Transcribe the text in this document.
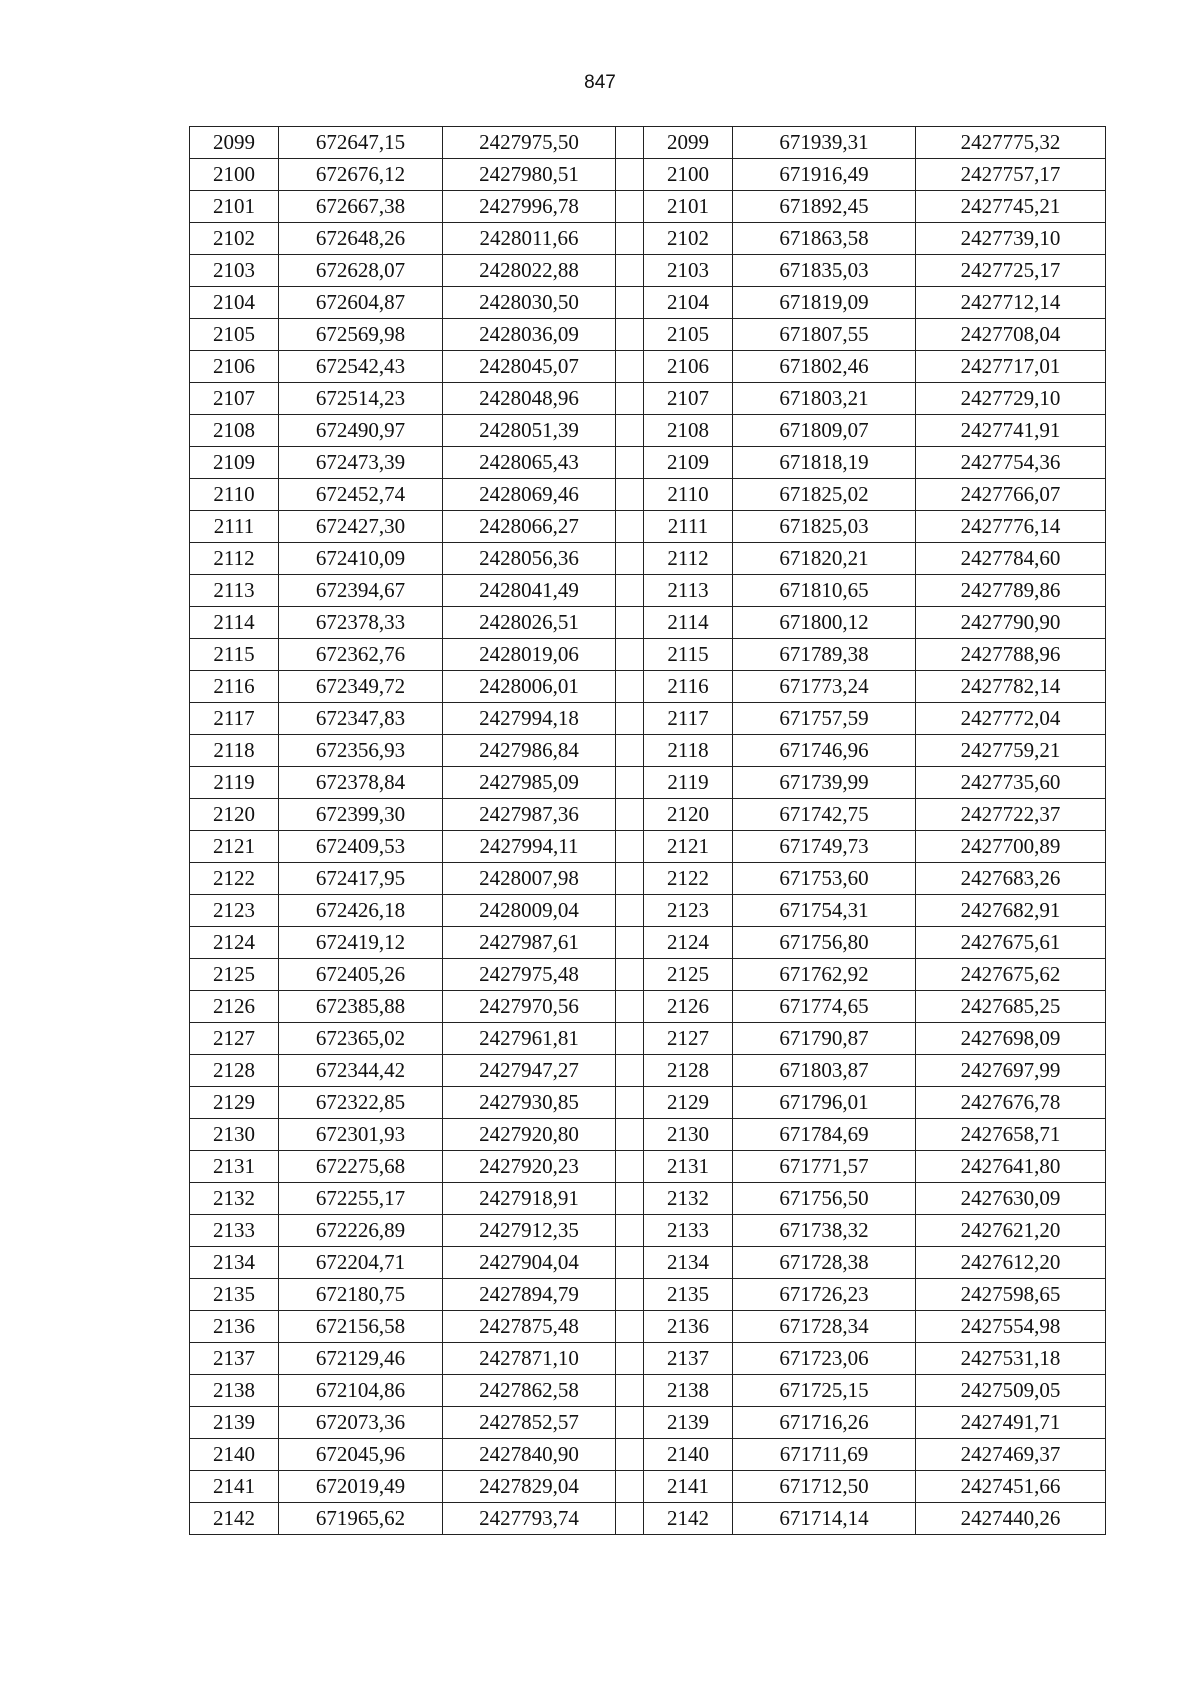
847
2099	672647,15	2427975,50		2099	671939,31	2427775,32
2100	672676,12	2427980,51		2100	671916,49	2427757,17
2101	672667,38	2427996,78		2101	671892,45	2427745,21
2102	672648,26	2428011,66		2102	671863,58	2427739,10
2103	672628,07	2428022,88		2103	671835,03	2427725,17
2104	672604,87	2428030,50		2104	671819,09	2427712,14
2105	672569,98	2428036,09		2105	671807,55	2427708,04
2106	672542,43	2428045,07		2106	671802,46	2427717,01
2107	672514,23	2428048,96		2107	671803,21	2427729,10
2108	672490,97	2428051,39		2108	671809,07	2427741,91
2109	672473,39	2428065,43		2109	671818,19	2427754,36
2110	672452,74	2428069,46		2110	671825,02	2427766,07
2111	672427,30	2428066,27		2111	671825,03	2427776,14
2112	672410,09	2428056,36		2112	671820,21	2427784,60
2113	672394,67	2428041,49		2113	671810,65	2427789,86
2114	672378,33	2428026,51		2114	671800,12	2427790,90
2115	672362,76	2428019,06		2115	671789,38	2427788,96
2116	672349,72	2428006,01		2116	671773,24	2427782,14
2117	672347,83	2427994,18		2117	671757,59	2427772,04
2118	672356,93	2427986,84		2118	671746,96	2427759,21
2119	672378,84	2427985,09		2119	671739,99	2427735,60
2120	672399,30	2427987,36		2120	671742,75	2427722,37
2121	672409,53	2427994,11		2121	671749,73	2427700,89
2122	672417,95	2428007,98		2122	671753,60	2427683,26
2123	672426,18	2428009,04		2123	671754,31	2427682,91
2124	672419,12	2427987,61		2124	671756,80	2427675,61
2125	672405,26	2427975,48		2125	671762,92	2427675,62
2126	672385,88	2427970,56		2126	671774,65	2427685,25
2127	672365,02	2427961,81		2127	671790,87	2427698,09
2128	672344,42	2427947,27		2128	671803,87	2427697,99
2129	672322,85	2427930,85		2129	671796,01	2427676,78
2130	672301,93	2427920,80		2130	671784,69	2427658,71
2131	672275,68	2427920,23		2131	671771,57	2427641,80
2132	672255,17	2427918,91		2132	671756,50	2427630,09
2133	672226,89	2427912,35		2133	671738,32	2427621,20
2134	672204,71	2427904,04		2134	671728,38	2427612,20
2135	672180,75	2427894,79		2135	671726,23	2427598,65
2136	672156,58	2427875,48		2136	671728,34	2427554,98
2137	672129,46	2427871,10		2137	671723,06	2427531,18
2138	672104,86	2427862,58		2138	671725,15	2427509,05
2139	672073,36	2427852,57		2139	671716,26	2427491,71
2140	672045,96	2427840,90		2140	671711,69	2427469,37
2141	672019,49	2427829,04		2141	671712,50	2427451,66
2142	671965,62	2427793,74		2142	671714,14	2427440,26
